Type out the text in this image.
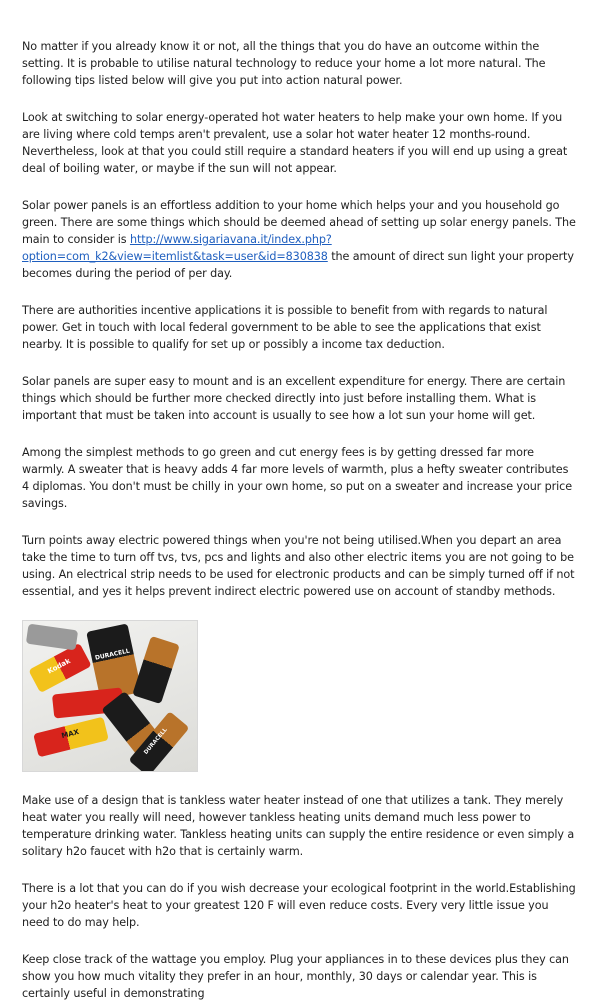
No matter if you already know it or not, all the things that you do have an outcome within the setting. It is probable to utilise natural technology to reduce your home a lot more natural. The following tips listed below will give you put into action natural power.

Look at switching to solar energy-operated hot water heaters to help make your own home. If you are living where cold temps aren't prevalent, use a solar hot water heater 12 months-round. Nevertheless, look at that you could still require a standard heaters if you will end up using a great deal of boiling water, or maybe if the sun will not appear.

Solar power panels is an effortless addition to your home which helps your and you household go green. There are some things which should be deemed ahead of setting up solar energy panels. The main to consider is http://www.sigariavana.it/index.php?option=com_k2&view=itemlist&task=user&id=830838 the amount of direct sun light your property becomes during the period of per day.

There are authorities incentive applications it is possible to benefit from with regards to natural power. Get in touch with local federal government to be able to see the applications that exist nearby. It is possible to qualify for set up or possibly a income tax deduction.

Solar panels are super easy to mount and is an excellent expenditure for energy. There are certain things which should be further more checked directly into just before installing them. What is important that must be taken into account is usually to see how a lot sun your home will get.

Among the simplest methods to go green and cut energy fees is by getting dressed far more warmly. A sweater that is heavy adds 4 far more levels of warmth, plus a hefty sweater contributes 4 diplomas. You don't must be chilly in your own home, so put on a sweater and increase your price savings.

Turn points away electric powered things when you're not being utilised.When you depart an area take the time to turn off tvs, tvs, pcs and lights and also other electric items you are not going to be using. An electrical strip needs to be used for electronic products and can be simply turned off if not essential, and yes it helps prevent indirect electric powered use on account of standby methods.

DURACELL
Kodak
MAX	DURACELL

Make use of a design that is tankless water heater instead of one that utilizes a tank. They merely heat water you really will need, however tankless heating units demand much less power to temperature drinking water. Tankless heating units can supply the entire residence or even simply a solitary h2o faucet with h2o that is certainly warm.

There is a lot that you can do if you wish decrease your ecological footprint in the world.Establishing your h2o heater's heat to your greatest 120 F will even reduce costs. Every very little issue you need to do may help.

Keep close track of the wattage you employ. Plug your appliances in to these devices plus they can show you how much vitality they prefer in an hour, monthly, 30 days or calendar year. This is certainly useful in demonstrating
